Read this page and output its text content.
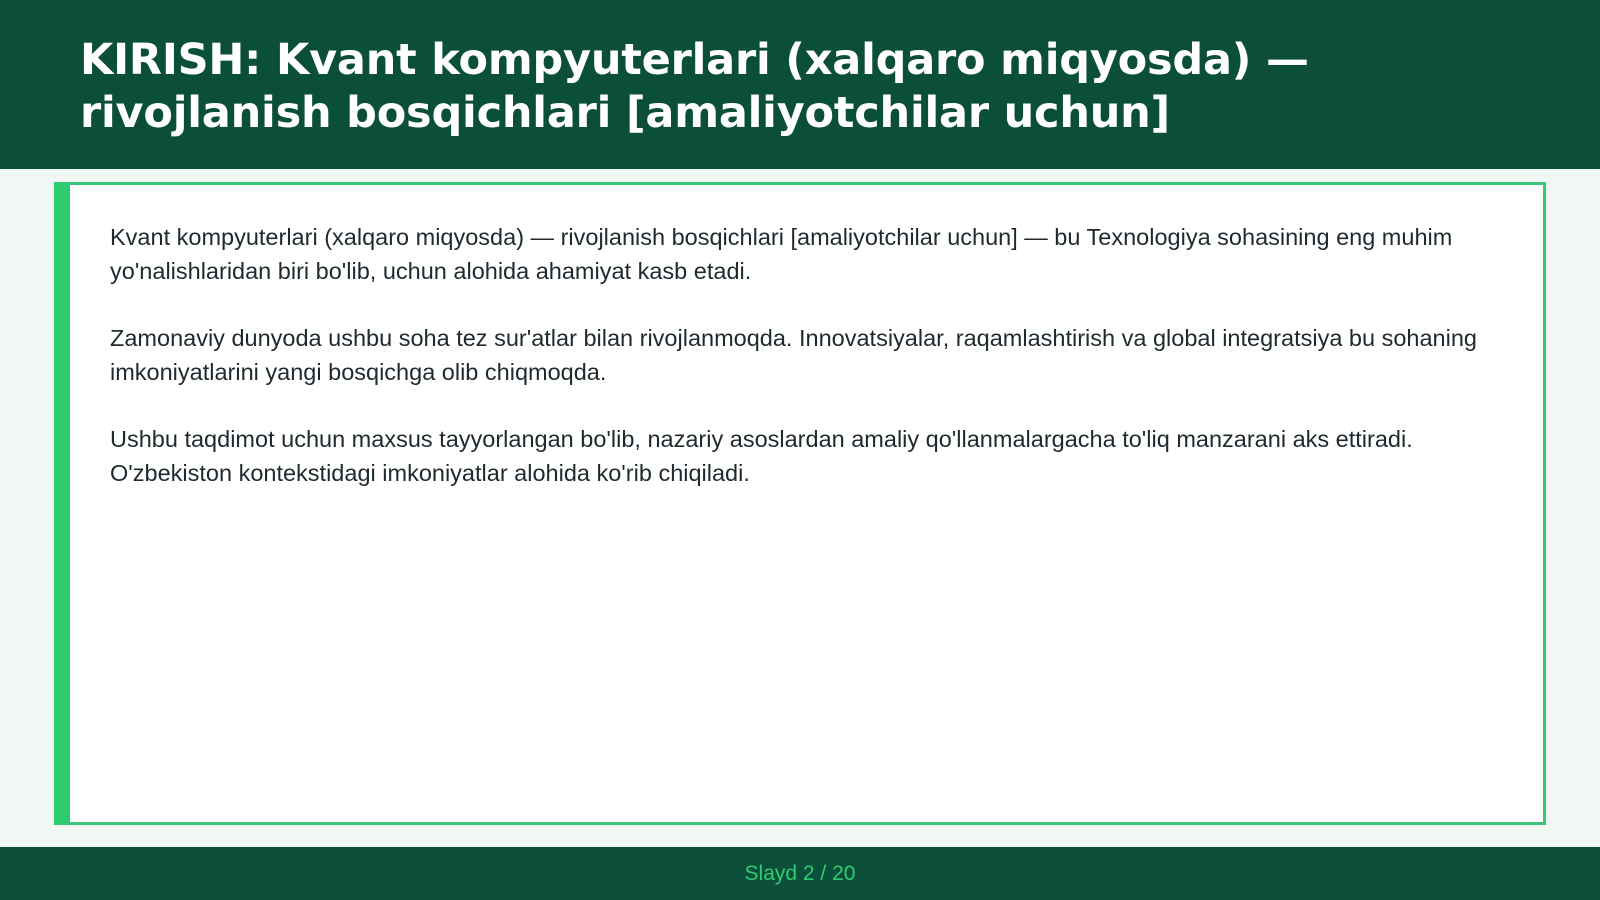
KIRISH: Kvant kompyuterlari (xalqaro miqyosda) — rivojlanish bosqichlari [amaliyotchilar uchun]

Kvant kompyuterlari (xalqaro miqyosda) — rivojlanish bosqichlari [amaliyotchilar uchun] — bu Texnologiya sohasining eng muhim yo'nalishlaridan biri bo'lib, uchun alohida ahamiyat kasb etadi.

Zamonaviy dunyoda ushbu soha tez sur'atlar bilan rivojlanmoqda. Innovatsiyalar, raqamlashtirish va global integratsiya bu sohaning imkoniyatlarini yangi bosqichga olib chiqmoqda.

Ushbu taqdimot uchun maxsus tayyorlangan bo'lib, nazariy asoslardan amaliy qo'llanmalargacha to'liq manzarani aks ettiradi. O'zbekiston kontekstidagi imkoniyatlar alohida ko'rib chiqiladi.

Slayd 2 / 20
